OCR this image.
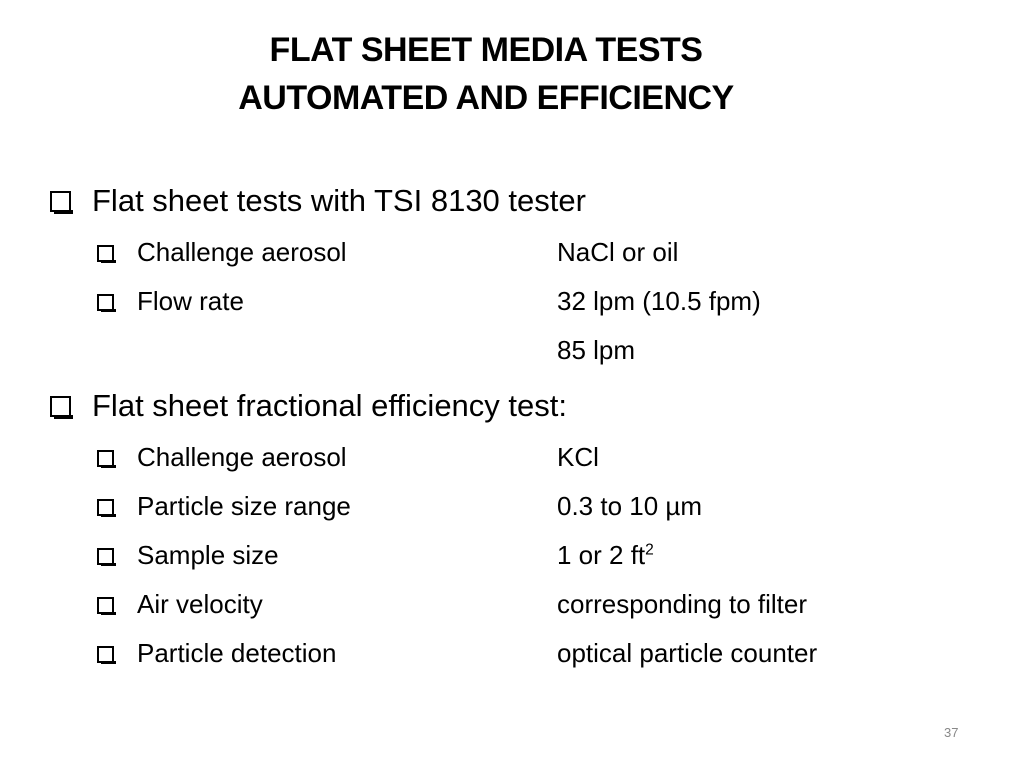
FLAT SHEET MEDIA TESTS
AUTOMATED AND EFFICIENCY
Flat sheet tests with TSI 8130 tester
Challenge aerosol	NaCl or oil
Flow rate	32 lpm (10.5 fpm)
85 lpm
Flat sheet fractional efficiency test:
Challenge aerosol	KCl
Particle size range	0.3 to 10 µm
Sample size	1 or 2 $ft^2$
Air velocity	corresponding to filter
Particle detection	optical particle counter
37
